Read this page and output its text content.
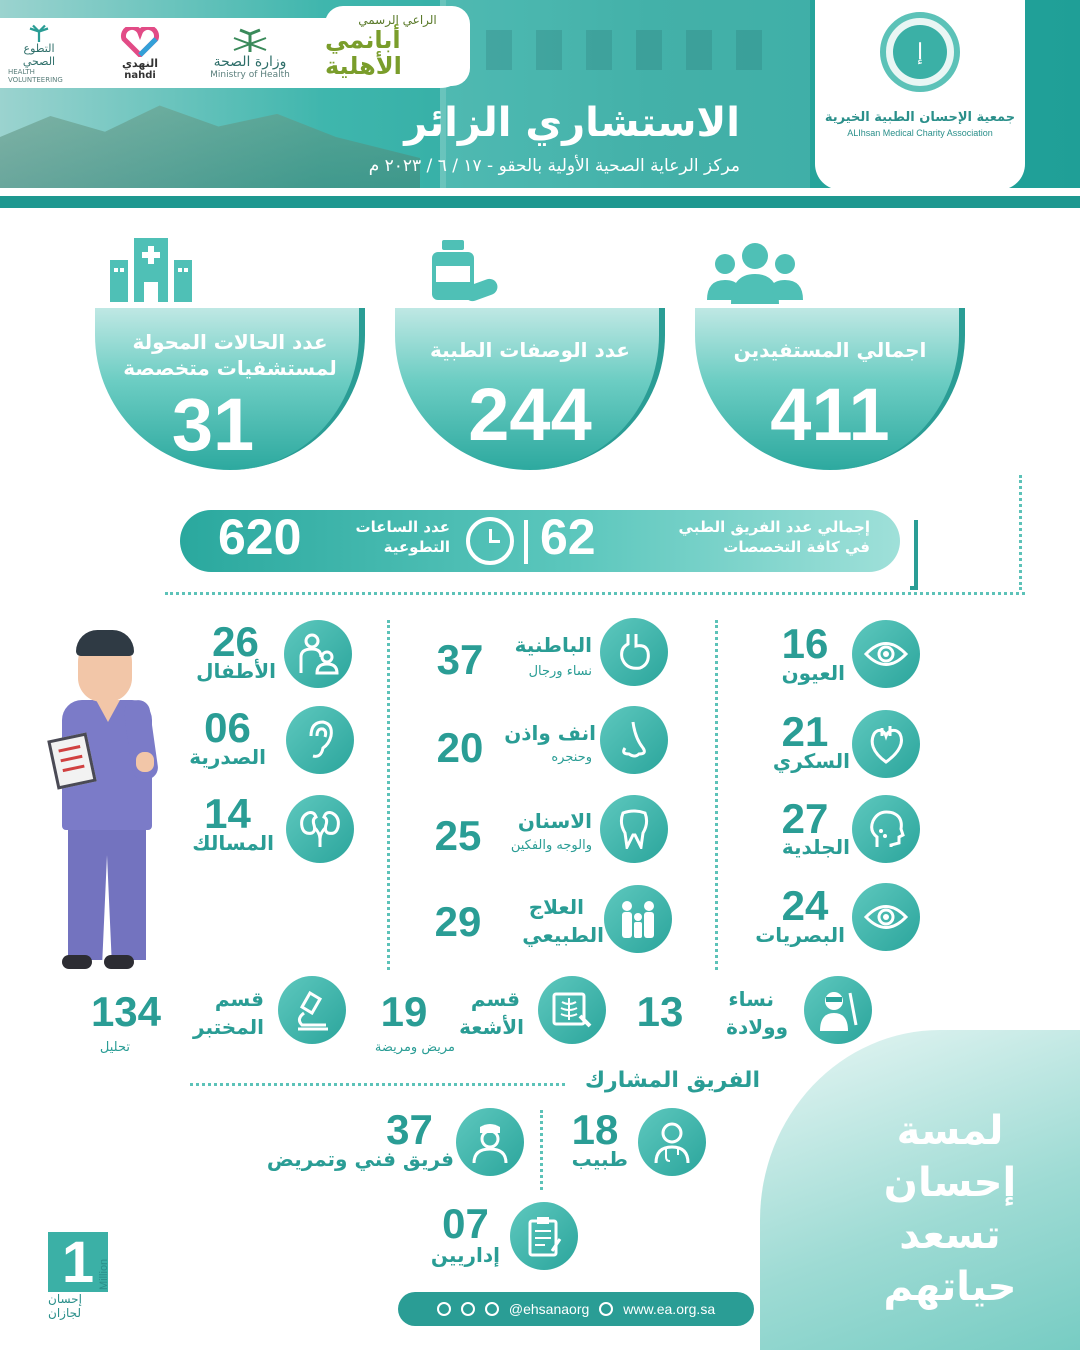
التطوع الصحي
HEALTH VOLUNTEERING
النهدي
nahdi
وزارة الصحة
Ministry of Health
الراعي الرسمي
أبانمي الأهلية	إ
جمعية الإحسان الطبية الخيرية
ALIhsan Medical Charity Association
الاستشاري الزائر
مركز الرعاية الصحية الأولية بالحقو - ١٧ / ٦ / ٢٠٢٣ م
اجمالي المستفيدين
411
عدد الوصفات الطبية
244
عدد الحالات المحولة
لمستشفيات متخصصة
31
إجمالي عدد الفريق الطبي
في كافة التخصصات
62
عدد الساعات
التطوعية
620
16
العيون
21
السكري
27
الجلدية
24
البصريات
الباطنية
نساء ورجال
37
انف واذن
وحنجره
20
الاسنان
والوجه والفكين
25
العلاج
الطبيعي
29
26
الأطفال
06
الصدرية
14
المسالك
نساء
وولادة
13
قسم
الأشعة
مريض ومريضة
19
قسم
المختبر
134
تحليل
الفريق المشارك
18
طبيب
37
فريق فني وتمريض
07
إداريين
لمسة
إحسان
تسعد
حياتهم
1 Million
إحسان
لجازان	@ehsanaorg www.ea.org.sa
